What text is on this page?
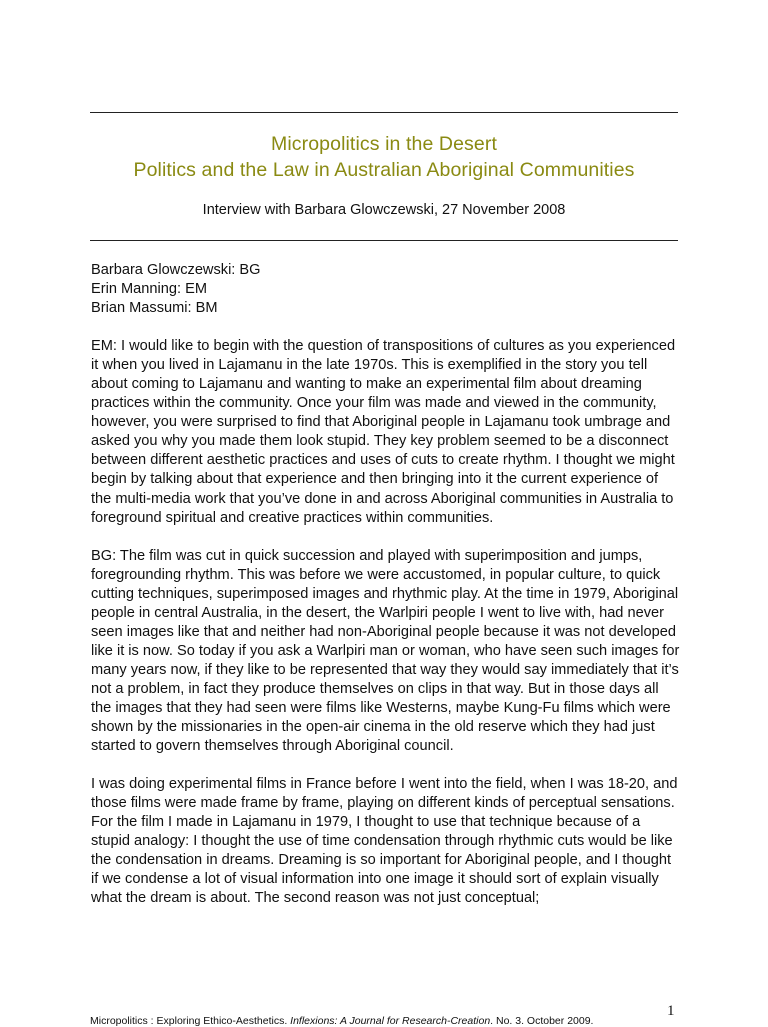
Micropolitics in the Desert
Politics and the Law in Australian Aboriginal Communities
Interview with Barbara Glowczewski, 27 November 2008

Barbara Glowczewski: BG
Erin Manning: EM
Brian Massumi: BM

EM: I would like to begin with the question of transpositions of cultures as you experienced it when you lived in Lajamanu in the late 1970s. This is exemplified in the story you tell about coming to Lajamanu and wanting to make an experimental film about dreaming practices within the community. Once your film was made and viewed in the community, however, you were surprised to find that Aboriginal people in Lajamanu took umbrage and asked you why you made them look stupid. They key problem seemed to be a disconnect between different aesthetic practices and uses of cuts to create rhythm. I thought we might begin by talking about that experience and then bringing into it the current experience of the multi-media work that you’ve done in and across Aboriginal communities in Australia to foreground spiritual and creative practices within communities.

BG: The film was cut in quick succession and played with superimposition and jumps, foregrounding rhythm. This was before we were accustomed, in popular culture, to quick cutting techniques, superimposed images and rhythmic play. At the time in 1979, Aboriginal people in central Australia, in the desert, the Warlpiri people I went to live with, had never seen images like that and neither had non-Aboriginal people because it was not developed like it is now. So today if you ask a Warlpiri man or woman, who have seen such images for many years now, if they like to be represented that way they would say immediately that it’s not a problem, in fact they produce themselves on clips in that way. But in those days all the images that they had seen were films like Westerns, maybe Kung-Fu films which were shown by the missionaries in the open-air cinema in the old reserve which they had just started to govern themselves through Aboriginal council.

I was doing experimental films in France before I went into the field, when I was 18-20, and those films were made frame by frame, playing on different kinds of perceptual sensations. For the film I made in Lajamanu in 1979, I thought to use that technique because of a stupid analogy: I thought the use of time condensation through rhythmic cuts would be like the condensation in dreams. Dreaming is so important for Aboriginal people, and I thought if we condense a lot of visual information into one image it should sort of explain visually what the dream is about. The second reason was not just conceptual;

1
Micropolitics : Exploring Ethico-Aesthetics. Inflexions: A Journal for Research-Creation. No. 3. October 2009.
